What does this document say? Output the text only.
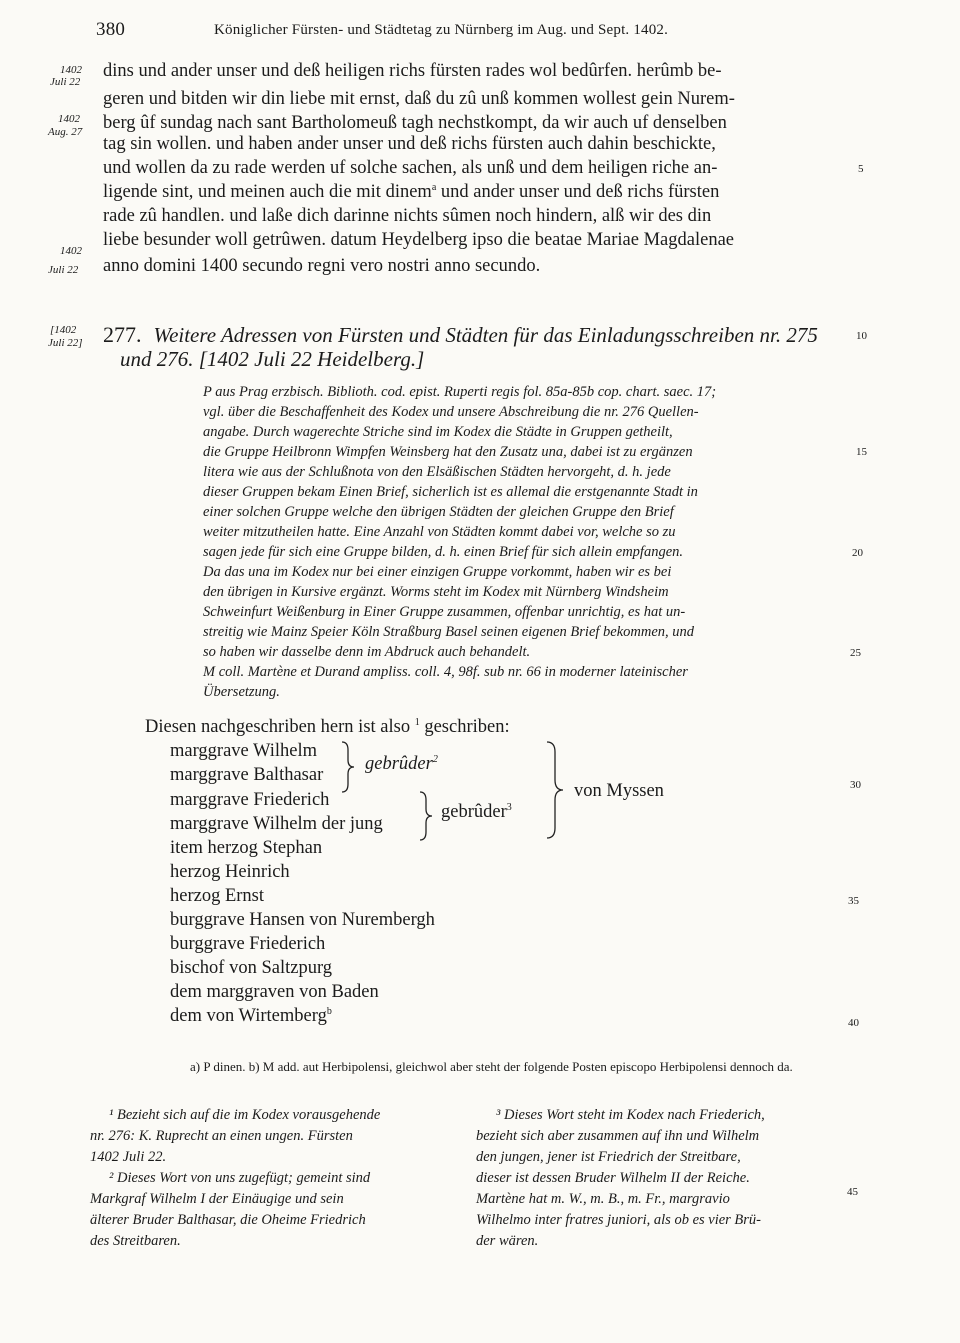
380	Königlicher Fürsten- und Städtetag zu Nürnberg im Aug. und Sept. 1402.
1402
Juli 22
1402
Aug. 27
1402
Juli 22
[1402
Juli 22]
5
10
15
20
25
30
35
40
45
dins und ander unser und deß heiligen richs fürsten rades wol bedûrfen. herûmb be-
geren und bitden wir din liebe mit ernst, daß du zû unß kommen wollest gein Nurem-
berg ûf sundag nach sant Bartholomeuß tagh nechstkompt, da wir auch uf denselben
tag sin wollen. und haben ander unser und deß richs fürsten auch dahin beschickte,
und wollen da zu rade werden uf solche sachen, als unß und dem heiligen riche an-
ligende sint, und meinen auch die mit dinem$^a$ und ander unser und deß richs fürsten
rade zû handlen. und laße dich darinne nichts sûmen noch hindern, alß wir des din
liebe besunder woll getrûwen. datum Heydelberg ipso die beatae Mariae Magdalenae
anno domini 1400 secundo regni vero nostri anno secundo.
277. Weitere Adressen von Fürsten und Städten für das Einladungsschreiben nr. 275
und 276. [1402 Juli 22 Heidelberg.]
P aus Prag erzbisch. Biblioth. cod. epist. Ruperti regis fol. 85a-85b cop. chart. saec. 17;
vgl. über die Beschaffenheit des Kodex und unsere Abschreibung die nr. 276 Quellen-
angabe. Durch wagerechte Striche sind im Kodex die Städte in Gruppen getheilt,
die Gruppe Heilbronn Wimpfen Weinsberg hat den Zusatz una, dabei ist zu ergänzen
litera wie aus der Schlußnota von den Elsäßischen Städten hervorgeht, d. h. jede
dieser Gruppen bekam Einen Brief, sicherlich ist es allemal die erstgenannte Stadt in
einer solchen Gruppe welche den übrigen Städten der gleichen Gruppe den Brief
weiter mitzutheilen hatte. Eine Anzahl von Städten kommt dabei vor, welche so zu
sagen jede für sich eine Gruppe bilden, d. h. einen Brief für sich allein empfangen.
Da das una im Kodex nur bei einer einzigen Gruppe vorkommt, haben wir es bei
den übrigen in Kursive ergänzt. Worms steht im Kodex mit Nürnberg Windsheim
Schweinfurt Weißenburg in Einer Gruppe zusammen, offenbar unrichtig, es hat un-
streitig wie Mainz Speier Köln Straßburg Basel seinen eigenen Brief bekommen, und
so haben wir dasselbe denn im Abdruck auch behandelt.
M coll. Martène et Durand ampliss. coll. 4, 98f. sub nr. 66 in moderner lateinischer
Übersetzung.
Diesen nachgeschriben hern ist also $^1$ geschriben:
marggrave Wilhelm
marggrave Balthasar
marggrave Friederich
marggrave Wilhelm der jung
item herzog Stephan
herzog Heinrich
herzog Ernst
burggrave Hansen von Nurembergh
burggrave Friederich
bischof von Saltzpurg
dem marggraven von Baden
dem von Wirtemberg$^b$
gebrûder$^2$
gebrûder$^3$
von Myssen
a) P dinen. b) M add. aut Herbipolensi, gleichwol aber steht der folgende Posten episcopo Herbipolensi dennoch da.
¹ Bezieht sich auf die im Kodex vorausgehende
nr. 276: K. Ruprecht an einen ungen. Fürsten
1402 Juli 22.
² Dieses Wort von uns zugefügt; gemeint sind
Markgraf Wilhelm I der Einäugige und sein
älterer Bruder Balthasar, die Oheime Friedrich
des Streitbaren.
³ Dieses Wort steht im Kodex nach Friederich,
bezieht sich aber zusammen auf ihn und Wilhelm
den jungen, jener ist Friedrich der Streitbare,
dieser ist dessen Bruder Wilhelm II der Reiche.
Martène hat m. W., m. B., m. Fr., margravio
Wilhelmo inter fratres juniori, als ob es vier Brü-
der wären.
